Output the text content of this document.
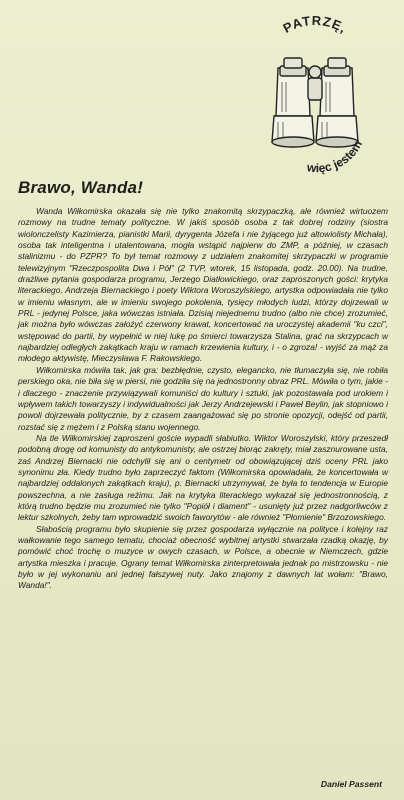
PATRZĘ,
więc jestem
Brawo, Wanda!

Wanda Wiłkomirska okazała się nie tylko znakomitą skrzypaczką, ale również wirtuozem rozmowy na trudne tematy polityczne. W jakiś sposób osoba z tak dobrej rodziny (siostra wiolonczelisty Kazimierza, pianistki Marii, dyrygenta Józefa i nie żyjącego już altowiolisty Michała), osoba tak inteligentna i utalentowana, mogła wstąpić najpierw do ZMP, a później, w czasach stalinizmu - do PZPR? To był temat rozmowy z udziałem znakomitej skrzypaczki w programie telewizyjnym "Rzeczpospolita Dwa i Pół" (2 TVP, wtorek, 15 listopada, godz. 20.00). Na trudne, drażliwe pytania gospodarza programu, Jerzego Diatłowickiego, oraz zaproszonych gości: krytyka literackiego, Andrzeja Biernackiego i poety Wiktora Woroszylskiego, artystka odpowiadała nie tylko w imieniu własnym, ale w imieniu swojego pokolenia, tysięcy młodych ludzi, którzy dojrzewali w PRL - jedynej Polsce, jaka wówczas istniała. Dzisiaj niejednemu trudno (albo nie chce) zrozumieć, jak można było wówczas założyć czerwony krawat, koncertować na uroczystej akademii "ku czci", wstępować do partii, by wypełnić w niej lukę po śmierci towarzysza Stalina, grać na skrzypcach w najbardziej odległych zakątkach kraju w ramach krzewienia kultury, i - o zgroza! - wyjść za mąż za młodego aktywistę, Mieczysława F. Rakowskiego.

Wiłkomirska mówiła tak, jak gra: bezbłędnie, czysto, elegancko, nie tłumaczyła się, nie robiła perskiego oka, nie biła się w piersi, nie godziła się na jednostronny obraz PRL. Mówiła o tym, jakie - i dlaczego - znaczenie przywiązywali komuniści do kultury i sztuki, jak pozostawała pod urokiem i wpływem takich towarzyszy i indywidualności jak Jerzy Andrzejewski i Paweł Beylin, jak stopniowo i powoli dojrzewała politycznie, by z czasem zaangażować się po stronie opozycji, odejść od partii, rozstać się z mężem i z Polską stanu wojennego.

Na tle Wiłkomirskiej zaproszeni goście wypadli słabiutko. Wiktor Woroszylski, który przeszedł podobną drogę od komunisty do antykomunisty, ale ostrzej biorąc zakręty, miał zasznurowane usta, zaś Andrzej Biernacki nie odchylił się ani o centymetr od obowiązującej dziś oceny PRL jako synonimu zła. Kiedy trudno było zaprzeczyć faktom (Wiłkomirska opowiadała, że koncertowała w najbardziej oddalonych zakątkach kraju), p. Biernacki utrzymywał, że była to tendencja w Europie powszechna, a nie zasługa reżimu. Jak na krytyka literackiego wykazał się jednostronnością, z którą trudno będzie mu zrozumieć nie tylko "Popiół i diament" - usunięty już przez nadgorliwców z lektur szkolnych, żeby tam wprowadzić swoich faworytów - ale również "Płomienie" Brzozowskiego.

Słabością programu było skupienie się przez gospodarza wyłącznie na polityce i kolejny raz wałkowanie tego samego tematu, chociaż obecność wybitnej artystki stwarzała rzadką okazję, by pomówić choć trochę o muzyce w owych czasach, w Polsce, a obecnie w Niemczech, gdzie artystka mieszka i pracuje. Ograny temat Wiłkomirska zinterpretowała jednak po mistrzowsku - nie było w jej wykonaniu ani jednej fałszywej nuty. Jako znajomy z dawnych lat wołam: "Brawo, Wanda!".

Daniel Passent
